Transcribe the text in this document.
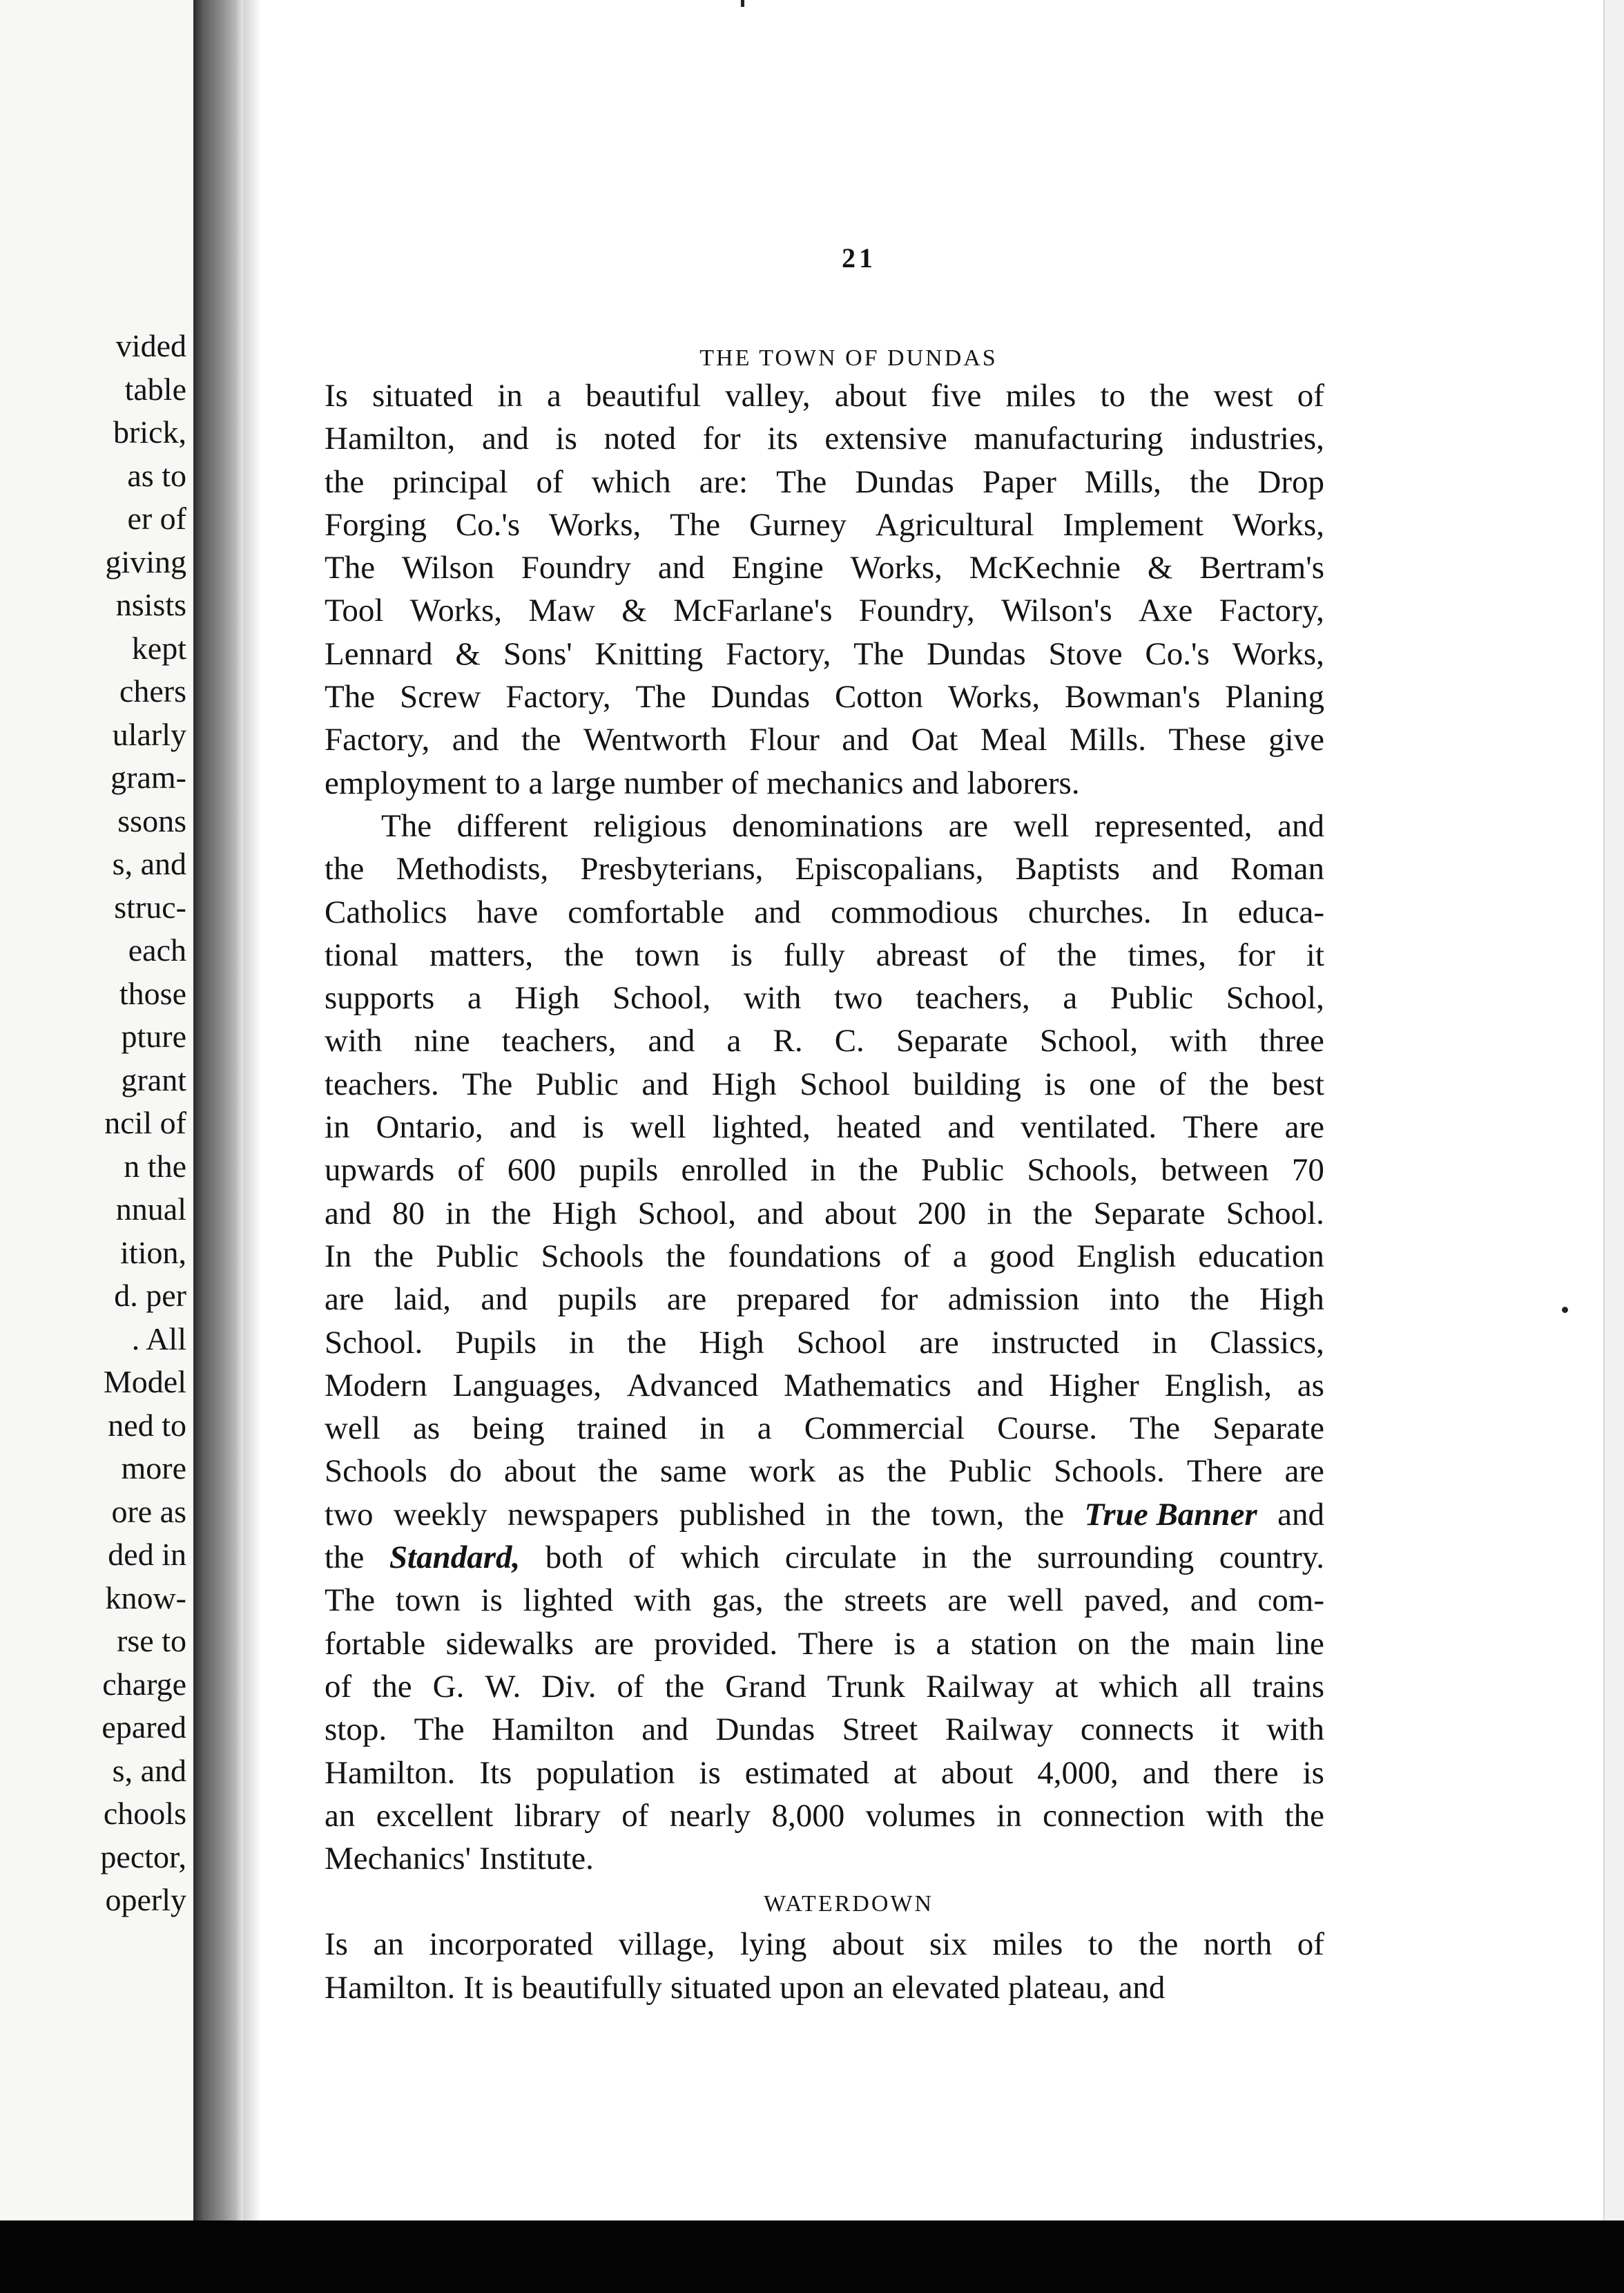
vided
table
brick,
as to
er of
giving
nsists
kept
chers
ularly
gram-
ssons
s, and
struc-
each
those
pture
grant
ncil of
n the
nnual
ition,
d. per
. All
Model
ned to
more
ore as
ded in
know-
rse to
charge
epared
s, and
chools
pector,
operly
21
THE TOWN OF DUNDAS
Is situated in a beautiful valley, about five miles to the west of
Hamilton, and is noted for its extensive manufacturing industries,
the principal of which are: The Dundas Paper Mills, the Drop
Forging Co.'s Works, The Gurney Agricultural Implement Works,
The Wilson Foundry and Engine Works, McKechnie & Bertram's
Tool Works, Maw & McFarlane's Foundry, Wilson's Axe Factory,
Lennard & Sons' Knitting Factory, The Dundas Stove Co.'s Works,
The Screw Factory, The Dundas Cotton Works, Bowman's Planing
Factory, and the Wentworth Flour and Oat Meal Mills. These give
employment to a large number of mechanics and laborers.
The different religious denominations are well represented, and
the Methodists, Presbyterians, Episcopalians, Baptists and Roman
Catholics have comfortable and commodious churches. In educa-
tional matters, the town is fully abreast of the times, for it
supports a High School, with two teachers, a Public School,
with nine teachers, and a R. C. Separate School, with three
teachers. The Public and High School building is one of the best
in Ontario, and is well lighted, heated and ventilated. There are
upwards of 600 pupils enrolled in the Public Schools, between 70
and 80 in the High School, and about 200 in the Separate School.
In the Public Schools the foundations of a good English education
are laid, and pupils are prepared for admission into the High
School. Pupils in the High School are instructed in Classics,
Modern Languages, Advanced Mathematics and Higher English, as
well as being trained in a Commercial Course. The Separate
Schools do about the same work as the Public Schools. There are
two weekly newspapers published in the town, the True Banner and
the Standard, both of which circulate in the surrounding country.
The town is lighted with gas, the streets are well paved, and com-
fortable sidewalks are provided. There is a station on the main line
of the G. W. Div. of the Grand Trunk Railway at which all trains
stop. The Hamilton and Dundas Street Railway connects it with
Hamilton. Its population is estimated at about 4,000, and there is
an excellent library of nearly 8,000 volumes in connection with the
Mechanics' Institute.
WATERDOWN
Is an incorporated village, lying about six miles to the north of
Hamilton. It is beautifully situated upon an elevated plateau, and
